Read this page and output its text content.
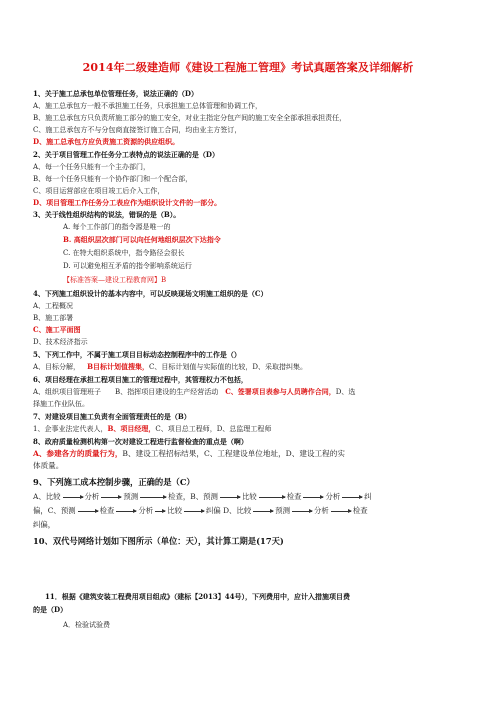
2014年二级建造师《建设工程施工管理》考试真题答案及详细解析
1、关于施工总承包单位管理任务，说法正确的（D）
A、施工总承包方一般不承担施工任务，只承担施工总体管理和协调工作，
B、施工总承包方只负责所施工部分的施工安全，对业主指定分包产间的施工安全全部承担承担责任，
C、施工总承包方不与分包商直接签订施工合同，均由业主方签订，
D、施工总承包方应负责施工资源的供应组织。
2、关于项目管理工作任务分工表特点的说法正确的是（D）
A、每一个任务只能有一个主办部门，
B、每一个任务只能有一个协作部门和一个配合部，
C、项目运营部应在项目竣工后介入工作，
D、项目管理工作任务分工表应作为组织设计文件的一部分。
3、关于线性组织结构的说法，错误的是（B）。
A. 每个工作部门的指令源是唯一的
B. 高组织层次部门可以向任何地组织层次下达指令
C. 在特大组织系统中，指令路径会很长
D. 可以避免相互矛盾的指令影响系统运行
【标准答案—建设工程教育网】B
4、下列施工组织设计的基本内容中，可以反映现场文明施工组织的是（C）
A、工程概况
B、施工部署
C、施工平面图
D、技术经济指示
5、下列工作中，不属于施工项目目标动态控制程序中的工作是（）
A、目标分解，  B目标计划值搜集，C、目标计划值与实际值的比较，D、采取措纠集。
6、项目经理在承担工程项目施工的管理过程中，其管理权力不包括，
A、组织项目管理班子　　B、指挥项目建设的生产经营活动　C、签署项目表参与人员聘作合同，D、选
择施工作业队伍。
7、对建设项目施工负责有全面管理责任的是（B）
1、企事业法定代表人，B、项目经理，C、项目总工程师，D、总监理工程师
8、政府质量检测机构第一次对建设工程进行监督检查的重点是（啊）
A、参建各方的质量行为，B、建设工程招标结果，C、工程建设单位地址，D、建设工程的实
体质量。
9、下列施工成本控制步骤，正确的是（C）
A、比较	分析	预测	检查，B、预测	比较	检查	分析	纠
偏，C、预测	检查	分析 比较	纠偏 D、比较	预测	分析	检查
纠偏，
10、双代号网络计划如下图所示（单位：天），其计算工期是(17天)
11．根据《建筑安装工程费用项目组成》（建标【2013】44号），下列费用中，应计入措施项目费
的是（D）
A．检验试验费
